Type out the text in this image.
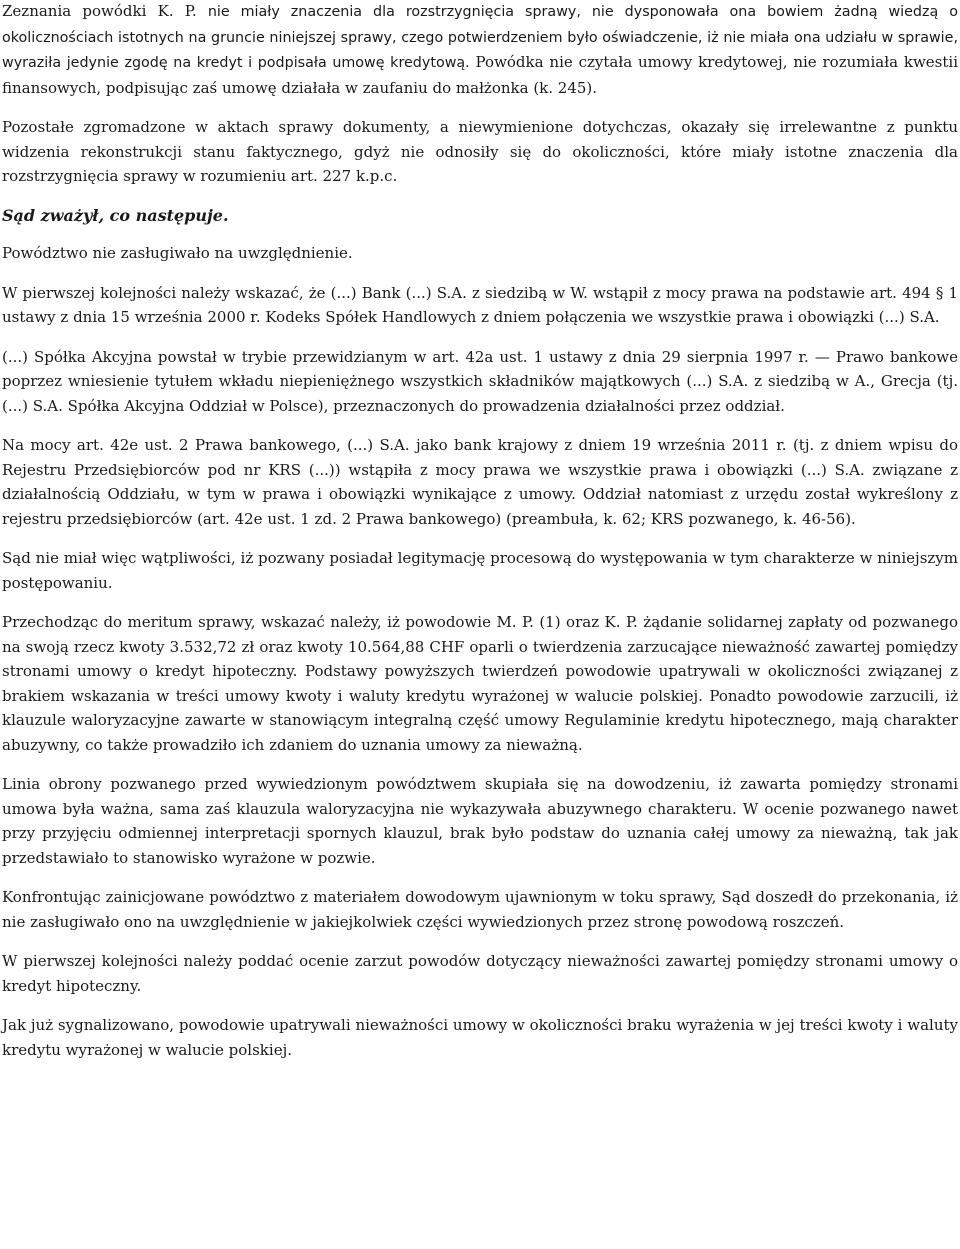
Zeznania powódki K. P. nie miały znaczenia dla rozstrzygnięcia sprawy, nie dysponowała ona bowiem żadną wiedzą o okolicznościach istotnych na gruncie niniejszej sprawy, czego potwierdzeniem było oświadczenie, iż nie miała ona udziału w sprawie, wyraziła jedynie zgodę na kredyt i podpisała umowę kredytową. Powódka nie czytała umowy kredytowej, nie rozumiała kwestii finansowych, podpisując zaś umowę działała w zaufaniu do małżonka (k. 245).

Pozostałe zgromadzone w aktach sprawy dokumenty, a niewymienione dotychczas, okazały się irrelewantne z punktu widzenia rekonstrukcji stanu faktycznego, gdyż nie odnosiły się do okoliczności, które miały istotne znaczenia dla rozstrzygnięcia sprawy w rozumieniu art. 227 k.p.c.

Sąd zważył, co następuje.

Powództwo nie zasługiwało na uwzględnienie.

W pierwszej kolejności należy wskazać, że (...) Bank (...) S.A. z siedzibą w W. wstąpił z mocy prawa na podstawie art. 494 § 1 ustawy z dnia 15 września 2000 r. Kodeks Spółek Handlowych z dniem połączenia we wszystkie prawa i obowiązki (...) S.A.

(...) Spółka Akcyjna powstał w trybie przewidzianym w art. 42a ust. 1 ustawy z dnia 29 sierpnia 1997 r. — Prawo bankowe poprzez wniesienie tytułem wkładu niepieniężnego wszystkich składników majątkowych (...) S.A. z siedzibą w A., Grecja (tj. (...) S.A. Spółka Akcyjna Oddział w Polsce), przeznaczonych do prowadzenia działalności przez oddział.

Na mocy art. 42e ust. 2 Prawa bankowego, (...) S.A. jako bank krajowy z dniem 19 września 2011 r. (tj. z dniem wpisu do Rejestru Przedsiębiorców pod nr KRS (...)) wstąpiła z mocy prawa we wszystkie prawa i obowiązki (...) S.A. związane z działalnością Oddziału, w tym w prawa i obowiązki wynikające z umowy. Oddział natomiast z urzędu został wykreślony z rejestru przedsiębiorców (art. 42e ust. 1 zd. 2 Prawa bankowego) (preambuła, k. 62; KRS pozwanego, k. 46-56).

Sąd nie miał więc wątpliwości, iż pozwany posiadał legitymację procesową do występowania w tym charakterze w niniejszym postępowaniu.

Przechodząc do meritum sprawy, wskazać należy, iż powodowie M. P. (1) oraz K. P. żądanie solidarnej zapłaty od pozwanego na swoją rzecz kwoty 3.532,72 zł oraz kwoty 10.564,88 CHF oparli o twierdzenia zarzucające nieważność zawartej pomiędzy stronami umowy o kredyt hipoteczny. Podstawy powyższych twierdzeń powodowie upatrywali w okoliczności związanej z brakiem wskazania w treści umowy kwoty i waluty kredytu wyrażonej w walucie polskiej. Ponadto powodowie zarzucili, iż klauzule waloryzacyjne zawarte w stanowiącym integralną część umowy Regulaminie kredytu hipotecznego, mają charakter abuzywny, co także prowadziło ich zdaniem do uznania umowy za nieważną.

Linia obrony pozwanego przed wywiedzionym powództwem skupiała się na dowodzeniu, iż zawarta pomiędzy stronami umowa była ważna, sama zaś klauzula waloryzacyjna nie wykazywała abuzywnego charakteru. W ocenie pozwanego nawet przy przyjęciu odmiennej interpretacji spornych klauzul, brak było podstaw do uznania całej umowy za nieważną, tak jak przedstawiało to stanowisko wyrażone w pozwie.

Konfrontując zainicjowane powództwo z materiałem dowodowym ujawnionym w toku sprawy, Sąd doszedł do przekonania, iż nie zasługiwało ono na uwzględnienie w jakiejkolwiek części wywiedzionych przez stronę powodową roszczeń.

W pierwszej kolejności należy poddać ocenie zarzut powodów dotyczący nieważności zawartej pomiędzy stronami umowy o kredyt hipoteczny.

Jak już sygnalizowano, powodowie upatrywali nieważności umowy w okoliczności braku wyrażenia w jej treści kwoty i waluty kredytu wyrażonej w walucie polskiej.
